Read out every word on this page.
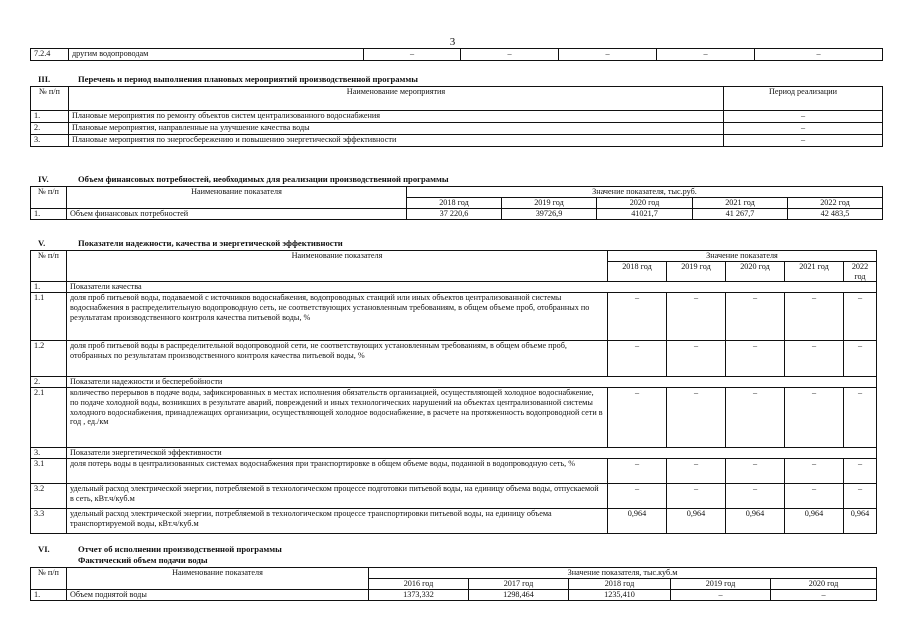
3
7.2.4	другим водопроводам	–	–	–	–	–
III.	Перечень и период выполнения плановых мероприятий производственной программы
№ п/п	Наименование мероприятия	Период реализации
1.	Плановые мероприятия по ремонту объектов систем централизованного водоснабжения	–
2.	Плановые мероприятия, направленные на улучшение качества воды	–
3.	Плановые мероприятия по энергосбережению и повышению энергетической эффективности	–
IV.	Объем финансовых потребностей, необходимых для реализации производственной программы
№ п/п	Наименование показателя	Значение показателя, тыс.руб.				
		2018 год	2019 год	2020 год	2021 год	2022 год
1.	Объем финансовых потребностей	37 220,6	39726,9	41021,7	41 267,7	42 483,5
V.	Показатели надежности, качества и энергетической эффективности
№ п/п	Наименование показателя	Значение показателя				
		2018 год	2019 год	2020 год	2021 год	2022 год
1.	Показатели качества					
1.1	доля проб питьевой воды, подаваемой с источников водоснабжения, водопроводных станций или иных объектов централизованной системы водоснабжения в распределительную водопроводную сеть, не соответствующих установленным требованиям, в общем объеме проб, отобранных по результатам производственного контроля качества питьевой воды, %	–	–	–	–	–
1.2	доля проб питьевой воды в распределительной водопроводной сети, не соответствующих установленным требованиям, в общем объеме проб, отобранных по результатам производственного контроля качества питьевой воды, %	–	–	–	–	–
2.	Показатели надежности и бесперебойности					
2.1	количество перерывов в подаче воды, зафиксированных в местах исполнения обязательств организацией, осуществляющей холодное водоснабжение, по подаче холодной воды, возникших в результате аварий, повреждений и иных технологических нарушений на объектах централизованной системы холодного водоснабжения, принадлежащих организации, осуществляющей холодное водоснабжение, в расчете на протяженность водопроводной сети в год , ед./км	–	–	–	–	–
3.	Показатели энергетической эффективности					
3.1	доля потерь воды в централизованных системах водоснабжения при транспортировке в общем объеме воды, поданной в водопроводную сеть, %	–	–	–	–	–
3.2	удельный расход электрической энергии, потребляемой в технологическом процессе подготовки питьевой воды, на единицу объема воды, отпускаемой в сеть, кВт.ч/куб.м	–	–	–	–	–
3.3	удельный расход электрической энергии, потребляемой в технологическом процессе транспортировки питьевой воды, на единицу объема транспортируемой воды, кВт.ч/куб.м	0,964	0,964	0,964	0,964	0,964
VI.	Отчет об исполнении производственной программы
Фактический объем подачи воды
№ п/п	Наименование показателя	Значение показателя, тыс.куб.м				
		2016 год	2017 год	2018 год	2019 год	2020 год
1.	Объем поднятой воды	1373,332	1298,464	1235,410	–	–
